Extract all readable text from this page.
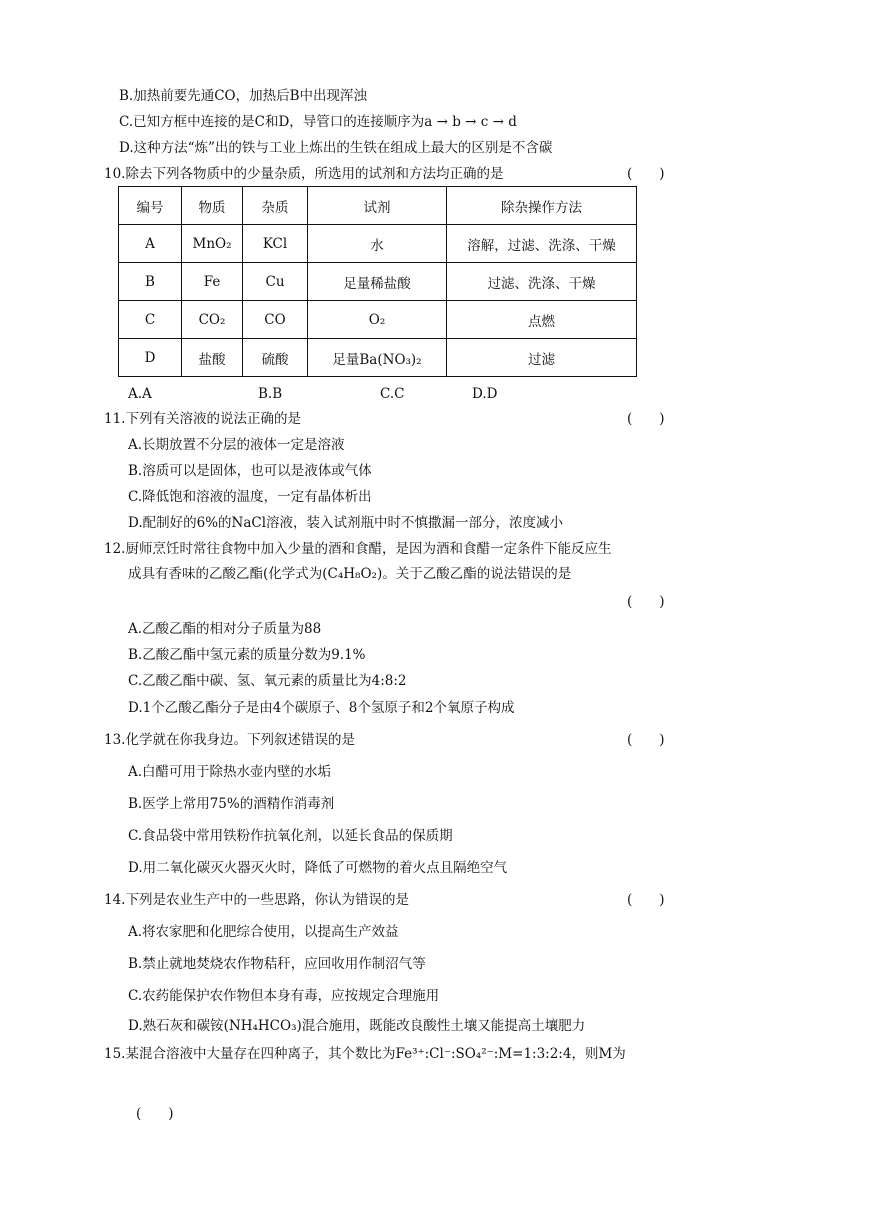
B.加热前要先通CO，加热后B中出现浑浊
C.已知方框中连接的是C和D，导管口的连接顺序为a → b → c → d
D.这种方法“炼”出的铁与工业上炼出的生铁在组成上最大的区别是不含碳
10.除去下列各物质中的少量杂质，所选用的试剂和方法均正确的是	(　　)
编号	物质	杂质	试剂	除杂操作方法
A	MnO₂	KCl	水	溶解，过滤、洗涤、干燥
B	Fe	Cu	足量稀盐酸	过滤、洗涤、干燥
C	CO₂	CO	O₂	点燃
D	盐酸	硫酸	足量Ba(NO₃)₂	过滤
A.A	B.B	C.C	D.D
11.下列有关溶液的说法正确的是	(　　)
A.长期放置不分层的液体一定是溶液
B.溶质可以是固体，也可以是液体或气体
C.降低饱和溶液的温度，一定有晶体析出
D.配制好的6%的NaCl溶液，装入试剂瓶中时不慎撒漏一部分，浓度减小
12.厨师烹饪时常往食物中加入少量的酒和食醋，是因为酒和食醋一定条件下能反应生
成具有香味的乙酸乙酯(化学式为(C₄H₈O₂)。关于乙酸乙酯的说法错误的是
(　　)
A.乙酸乙酯的相对分子质量为88
B.乙酸乙酯中氢元素的质量分数为9.1%
C.乙酸乙酯中碳、氢、氧元素的质量比为4:8:2
D.1个乙酸乙酯分子是由4个碳原子、8个氢原子和2个氧原子构成
13.化学就在你我身边。下列叙述错误的是	(　　)
A.白醋可用于除热水壶内壁的水垢
B.医学上常用75%的酒精作消毒剂
C.食品袋中常用铁粉作抗氧化剂，以延长食品的保质期
D.用二氧化碳灭火器灭火时，降低了可燃物的着火点且隔绝空气
14.下列是农业生产中的一些思路，你认为错误的是	(　　)
A.将农家肥和化肥综合使用，以提高生产效益
B.禁止就地焚烧农作物秸秆，应回收用作制沼气等
C.农药能保护农作物但本身有毒，应按规定合理施用
D.熟石灰和碳铵(NH₄HCO₃)混合施用，既能改良酸性土壤又能提高土壤肥力
15.某混合溶液中大量存在四种离子，其个数比为Fe³⁺:Cl⁻:SO₄²⁻:M=1:3:2:4，则M为
(　　)
